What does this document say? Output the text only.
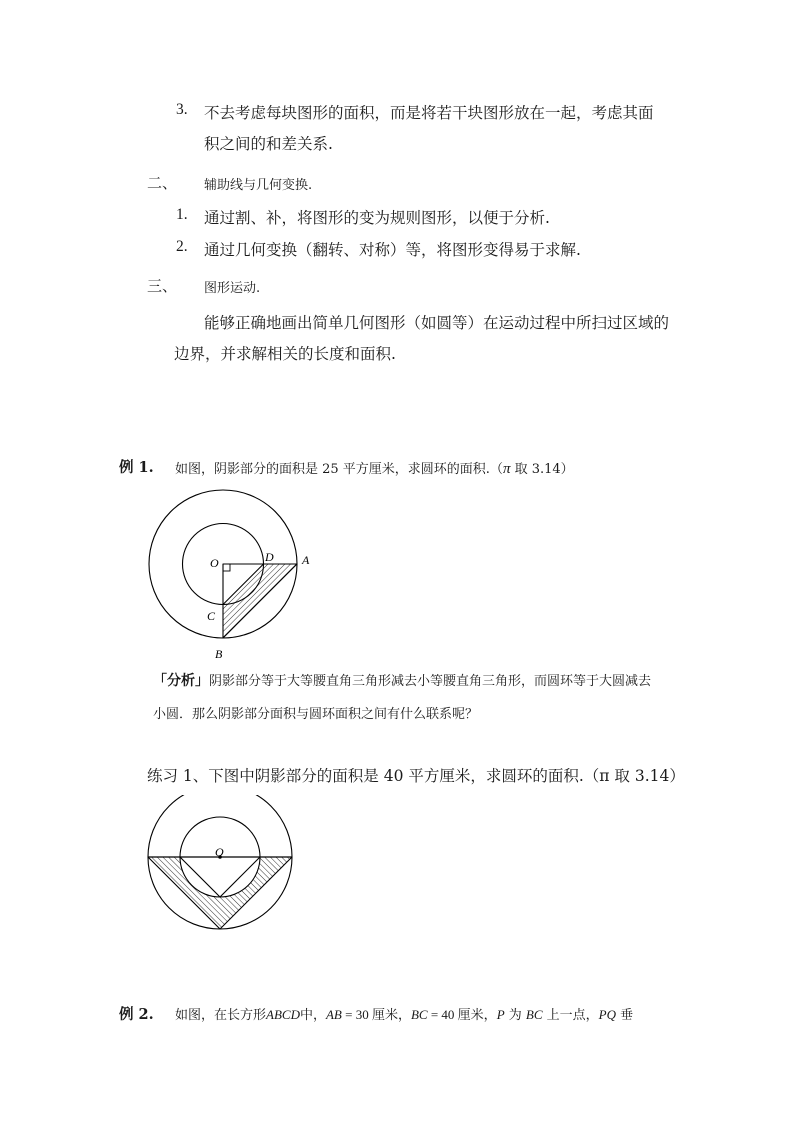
3. 不去考虑每块图形的面积，而是将若干块图形放在一起，考虑其面
积之间的和差关系.
二、 辅助线与几何变换.
1. 通过割、补，将图形的变为规则图形，以便于分析.
2. 通过几何变换（翻转、对称）等，将图形变得易于求解.
三、 图形运动.
能够正确地画出简单几何图形（如圆等）在运动过程中所扫过区域的
边界，并求解相关的长度和面积.
例 1. 如图，阴影部分的面积是 25 平方厘米，求圆环的面积.（π 取 3.14）
O	D A
C
B
「分析」阴影部分等于大等腰直角三角形减去小等腰直角三角形，而圆环等于大圆减去
小圆．那么阴影部分面积与圆环面积之间有什么联系呢？
练习 1、下图中阴影部分的面积是 40 平方厘米，求圆环的面积.（π 取 3.14）
O
例 2. 如图，在长方形ABCD中，AB = 30 厘米，BC = 40 厘米，P 为 BC 上一点，PQ 垂
